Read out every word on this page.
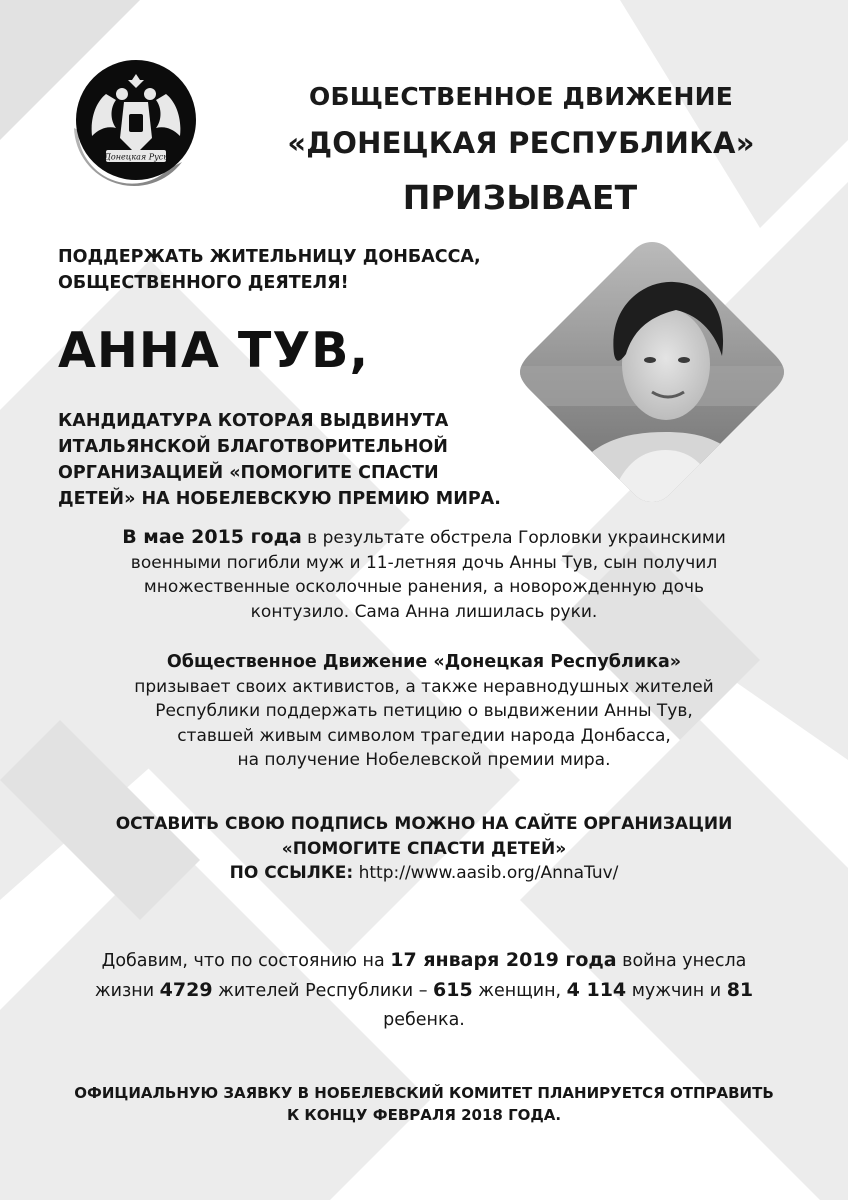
Донецкая Русь
ОБЩЕСТВЕННОЕ ДВИЖЕНИЕ
«ДОНЕЦКАЯ РЕСПУБЛИКА»
ПРИЗЫВАЕТ
ПОДДЕРЖАТЬ ЖИТЕЛЬНИЦУ ДОНБАССА,
ОБЩЕСТВЕННОГО ДЕЯТЕЛЯ!
АННА ТУВ,
КАНДИДАТУРА КОТОРАЯ ВЫДВИНУТА
ИТАЛЬЯНСКОЙ БЛАГОТВОРИТЕЛЬНОЙ
ОРГАНИЗАЦИЕЙ «ПОМОГИТЕ СПАСТИ
ДЕТЕЙ» НА НОБЕЛЕВСКУЮ ПРЕМИЮ МИРА.
В мае 2015 года в результате обстрела Горловки украинскими
военными погибли муж и 11-летняя дочь Анны Тув, сын получил
множественные осколочные ранения, а новорожденную дочь
контузило. Сама Анна лишилась руки.
Общественное Движение «Донецкая Республика»
призывает своих активистов, а также неравнодушных жителей
Республики поддержать петицию о выдвижении Анны Тув,
ставшей живым символом трагедии народа Донбасса,
на получение Нобелевской премии мира.
ОСТАВИТЬ СВОЮ ПОДПИСЬ МОЖНО НА САЙТЕ ОРГАНИЗАЦИИ
«ПОМОГИТЕ СПАСТИ ДЕТЕЙ»
ПО ССЫЛКЕ: http://www.aasib.org/AnnaTuv/
Добавим, что по состоянию на 17 января 2019 года война унесла
жизни 4729 жителей Республики – 615 женщин, 4 114 мужчин и 81
ребенка.
ОФИЦИАЛЬНУЮ ЗАЯВКУ В НОБЕЛЕВСКИЙ КОМИТЕТ ПЛАНИРУЕТСЯ ОТПРАВИТЬ
К КОНЦУ ФЕВРАЛЯ 2018 ГОДА.
